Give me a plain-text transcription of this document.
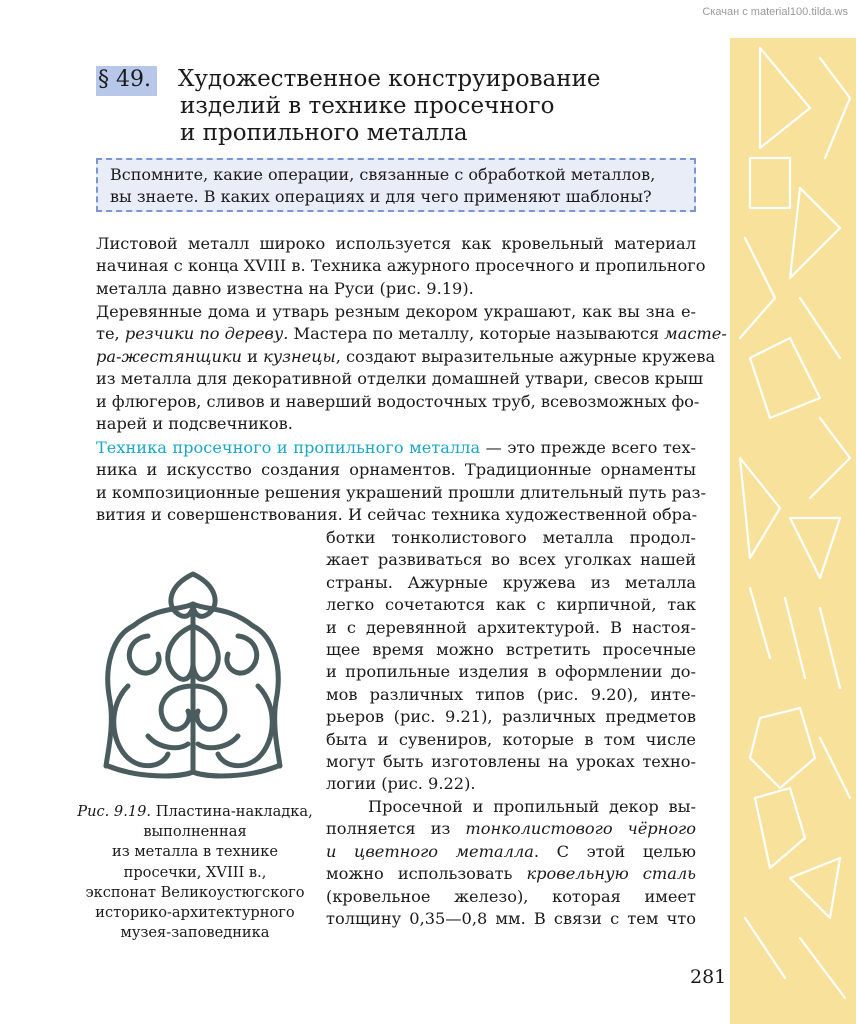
Скачан с material100.tilda.ws
§ 49. Художественное конструирование
изделий в технике просечного
и пропильного металла
Вспомните, какие операции, связанные с обработкой металлов,
вы знаете. В каких операциях и для чего применяют шаблоны?
Листовой металл широко используется как кровельный материал
начиная с конца XVIII в. Техника ажурного просечного и пропильного
металла давно известна на Руси (рис. 9.19).
Деревянные дома и утварь резным декором украшают, как вы зна е-
те, резчики по дереву. Мастера по металлу, которые называются масте-
ра-жестянщики и кузнецы, создают выразительные ажурные кружева
из металла для декоративной отделки домашней утвари, свесов крыш
и флюгеров, сливов и наверший водосточных труб, всевозможных фо-
нарей и подсвечников.
Техника просечного и пропильного металла — это прежде всего тех-
ника и искусство создания орнаментов. Традиционные орнаменты
и композиционные решения украшений прошли длительный путь раз-
вития и совершенствования. И сейчас техника художественной обра-
ботки тонколистового металла продол-
жает развиваться во всех уголках нашей
страны. Ажурные кружева из металла
легко сочетаются как с кирпичной, так
и с деревянной архитектурой. В настоя-
щее время можно встретить просечные
и пропильные изделия в оформлении до-
мов различных типов (рис. 9.20), инте-
рьеров (рис. 9.21), различных предметов
быта и сувениров, которые в том числе
могут быть изготовлены на уроках техно-
логии (рис. 9.22).
Просечной и пропильный декор вы-
полняется из тонколистового чёрного
и цветного металла. С этой целью
можно использовать кровельную сталь
(кровельное железо), которая имеет
толщину 0,35—0,8 мм. В связи с тем что
Рис. 9.19. Пластина-накладка,
выполненная
из металла в технике
просечки, XVIII в.,
экспонат Великоустюгского
историко-архитектурного
музея-заповедника
281
